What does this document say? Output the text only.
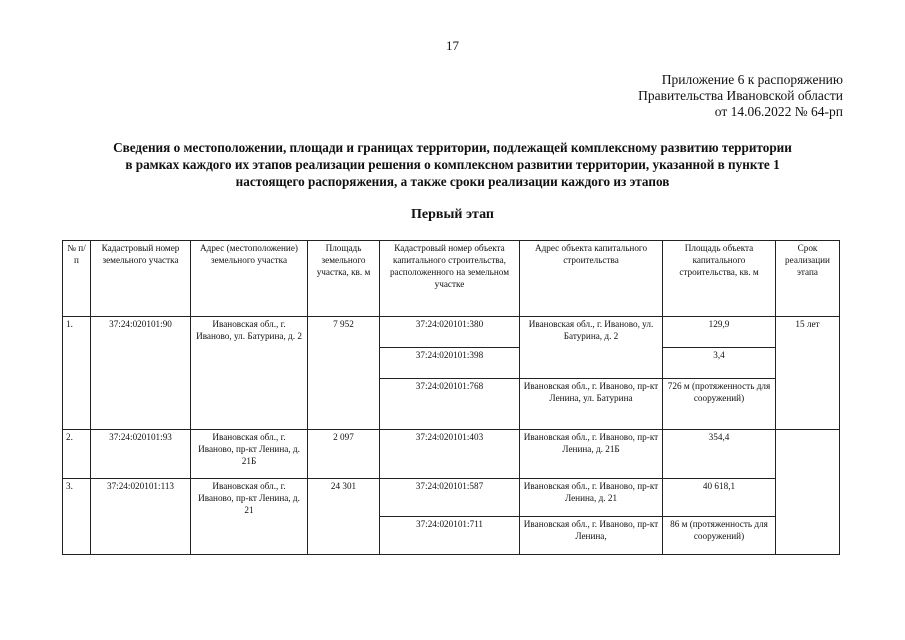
17
Приложение 6 к распоряжению
Правительства Ивановской области
от 14.06.2022 № 64-рп
Сведения о местоположении, площади и границах территории, подлежащей комплексному развитию территории
в рамках каждого их этапов реализации решения о комплексном развитии территории, указанной в пункте 1
настоящего распоряжения, а также сроки реализации каждого из этапов
Первый этап
№ п/п	Кадастровый номер земельного участка	Адрес (местоположение) земельного участка	Площадь земельного участка, кв. м	Кадастровый номер объекта капитального строительства, расположенного на земельном участке	Адрес объекта капитального строительства	Площадь объекта капитального строительства, кв. м	Срок реализации этапа
1.	37:24:020101:90	Ивановская обл., г. Иваново, ул. Батурина, д. 2	7 952	37:24:020101:380	Ивановская обл., г. Иваново, ул. Батурина, д. 2	129,9	15 лет
				37:24:020101:398		3,4	
				37:24:020101:768	Ивановская обл., г. Иваново, пр-кт Ленина, ул. Батурина	726 м (протяженность для сооружений)	
2.	37:24:020101:93	Ивановская обл., г. Иваново, пр-кт Ленина, д. 21Б	2 097	37:24:020101:403	Ивановская обл., г. Иваново, пр-кт Ленина, д. 21Б	354,4	
3.	37:24:020101:113	Ивановская обл., г. Иваново, пр-кт Ленина, д. 21	24 301	37:24:020101:587	Ивановская обл., г. Иваново, пр-кт Ленина, д. 21	40 618,1	
				37:24:020101:711	Ивановская обл., г. Иваново, пр-кт Ленина,	86 м (протяженность для сооружений)	
